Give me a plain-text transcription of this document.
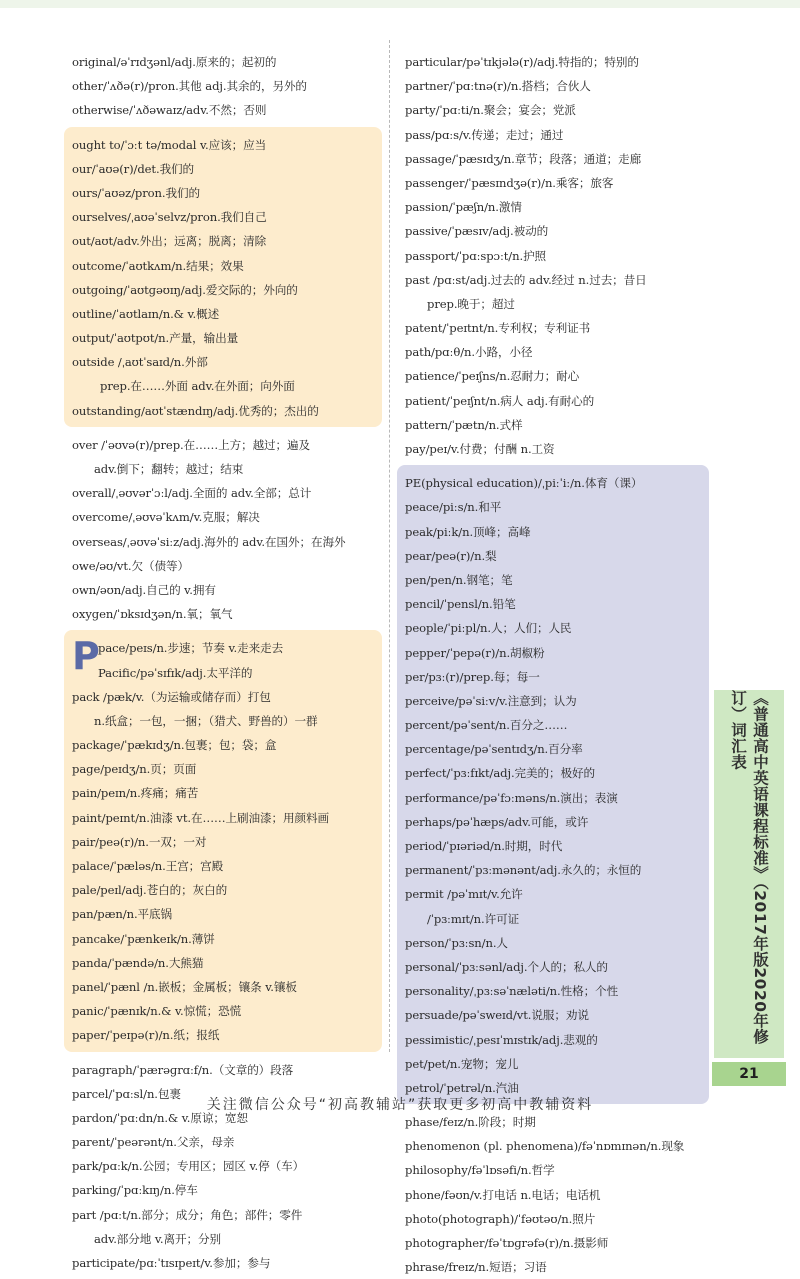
original/əˈrɪdʒənl/adj.原来的；起初的
other/ˈʌðə(r)/pron.其他 adj.其余的，另外的
otherwise/ˈʌðəwaɪz/adv.不然；否则
ought to/ˈɔːt tə/modal v.应该；应当
our/ˈaʊə(r)/det.我们的
ours/ˈaʊəz/pron.我们的
ourselves/ˌaʊəˈselvz/pron.我们自己
out/aʊt/adv.外出；远离；脱离；清除
outcome/ˈaʊtkʌm/n.结果；效果
outgoing/ˈaʊtɡəʊɪŋ/adj.爱交际的；外向的
outline/ˈaʊtlaɪn/n.& v.概述
output/ˈaʊtpʊt/n.产量，输出量
outside /ˌaʊtˈsaɪd/n.外部
prep.在……外面 adv.在外面；向外面
outstanding/aʊtˈstændɪŋ/adj.优秀的；杰出的
over /ˈəʊvə(r)/prep.在……上方；越过；遍及
adv.倒下；翻转；越过；结束
overall/ˌəʊvərˈɔːl/adj.全面的 adv.全部；总计
overcome/ˌəʊvəˈkʌm/v.克服；解决
overseas/ˌəʊvəˈsiːz/adj.海外的 adv.在国外；在海外
owe/əʊ/vt.欠（债等）
own/əʊn/adj.自己的 v.拥有
oxygen/ˈɒksɪdʒən/n.氧；氧气
P
pace/peɪs/n.步速；节奏 v.走来走去
Pacific/pəˈsɪfɪk/adj.太平洋的
pack /pæk/v.（为运输或储存而）打包
n.纸盒；一包，一捆；（猎犬、野兽的）一群
package/ˈpækɪdʒ/n.包裹；包；袋；盒
page/peɪdʒ/n.页；页面
pain/peɪn/n.疼痛；痛苦
paint/peɪnt/n.油漆 vt.在……上刷油漆；用颜料画
pair/peə(r)/n.一双；一对
palace/ˈpæləs/n.王宫；宫殿
pale/peɪl/adj.苍白的；灰白的
pan/pæn/n.平底锅
pancake/ˈpænkeɪk/n.薄饼
panda/ˈpændə/n.大熊猫
panel/ˈpænl /n.嵌板；金属板；镶条 v.镶板
panic/ˈpænɪk/n.& v.惊慌；恐慌
paper/ˈpeɪpə(r)/n.纸；报纸
paragraph/ˈpærəɡrɑːf/n.（文章的）段落
parcel/ˈpɑːsl/n.包裹
pardon/ˈpɑːdn/n.& v.原谅；宽恕
parent/ˈpeərənt/n.父亲，母亲
park/pɑːk/n.公园；专用区；园区 v.停（车）
parking/ˈpɑːkɪŋ/n.停车
part /pɑːt/n.部分；成分；角色；部件；零件
adv.部分地 v.离开；分别
participate/pɑːˈtɪsɪpeɪt/v.参加；参与
particular/pəˈtɪkjələ(r)/adj.特指的；特别的
partner/ˈpɑːtnə(r)/n.搭档；合伙人
party/ˈpɑːti/n.聚会；宴会；党派
pass/pɑːs/v.传递；走过；通过
passage/ˈpæsɪdʒ/n.章节；段落；通道；走廊
passenger/ˈpæsɪndʒə(r)/n.乘客；旅客
passion/ˈpæʃn/n.激情
passive/ˈpæsɪv/adj.被动的
passport/ˈpɑːspɔːt/n.护照
past /pɑːst/adj.过去的 adv.经过 n.过去；昔日
prep.晚于；超过
patent/ˈpeɪtnt/n.专利权；专利证书
path/pɑːθ/n.小路，小径
patience/ˈpeɪʃns/n.忍耐力；耐心
patient/ˈpeɪʃnt/n.病人 adj.有耐心的
pattern/ˈpætn/n.式样
pay/peɪ/v.付费；付酬 n.工资
PE(physical education)/ˌpiːˈiː/n.体育（课）
peace/piːs/n.和平
peak/piːk/n.顶峰；高峰
pear/peə(r)/n.梨
pen/pen/n.钢笔；笔
pencil/ˈpensl/n.铅笔
people/ˈpiːpl/n.人；人们；人民
pepper/ˈpepə(r)/n.胡椒粉
per/pɜː(r)/prep.每；每一
perceive/pəˈsiːv/v.注意到；认为
percent/pəˈsent/n.百分之……
percentage/pəˈsentɪdʒ/n.百分率
perfect/ˈpɜːfɪkt/adj.完美的；极好的
performance/pəˈfɔːməns/n.演出；表演
perhaps/pəˈhæps/adv.可能，或许
period/ˈpɪəriəd/n.时期，时代
permanent/ˈpɜːmənənt/adj.永久的；永恒的
permit /pəˈmɪt/v.允许
/ˈpɜːmɪt/n.许可证
person/ˈpɜːsn/n.人
personal/ˈpɜːsənl/adj.个人的；私人的
personality/ˌpɜːsəˈnæləti/n.性格；个性
persuade/pəˈsweɪd/vt.说服；劝说
pessimistic/ˌpesɪˈmɪstɪk/adj.悲观的
pet/pet/n.宠物；宠儿
petrol/ˈpetrəl/n.汽油
phase/feɪz/n.阶段；时期
phenomenon (pl. phenomena)/fəˈnɒmɪnən/n.现象
philosophy/fəˈlɒsəfi/n.哲学
phone/fəʊn/v.打电话 n.电话；电话机
photo(photograph)/ˈfəʊtəʊ/n.照片
photographer/fəˈtɒɡrəfə(r)/n.摄影师
phrase/freɪz/n.短语；习语
《普通高中英语课程标准》（2017年版2020年修订）词汇表
21
关注微信公众号“初高教辅站”获取更多初高中教辅资料
